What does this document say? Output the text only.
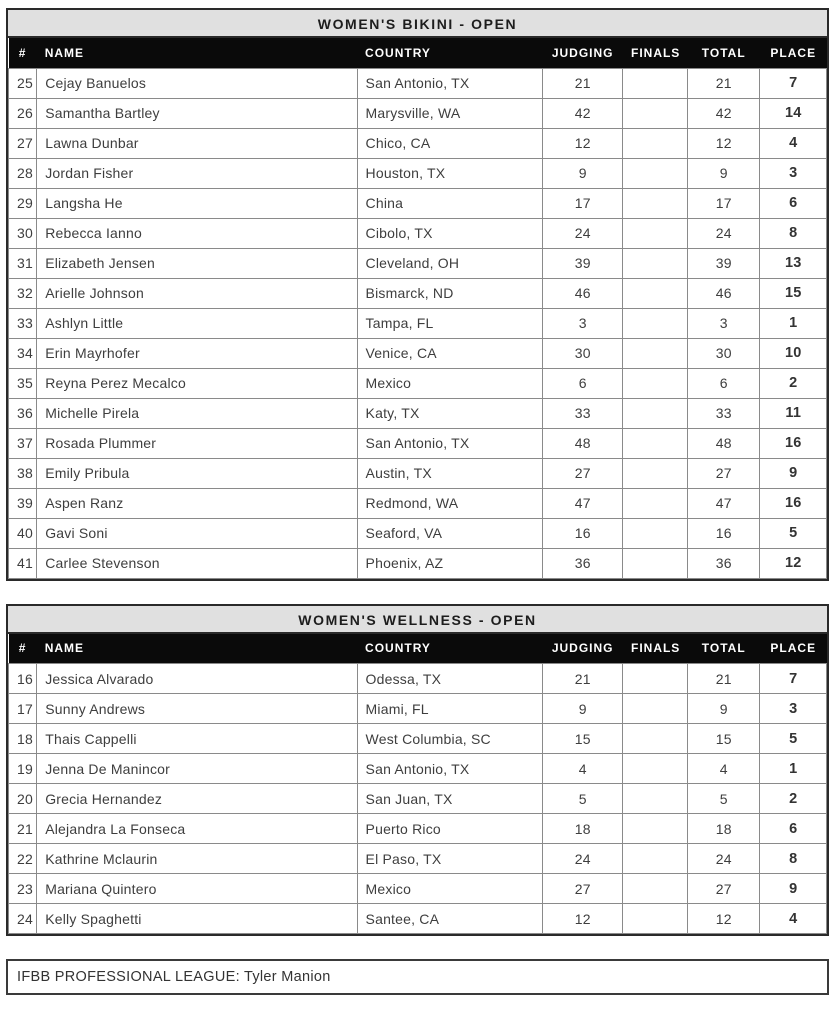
WOMEN'S BIKINI - OPEN
#	NAME	COUNTRY	JUDGING	FINALS	TOTAL	PLACE
25	Cejay Banuelos	San Antonio, TX	21		21	7
26	Samantha Bartley	Marysville, WA	42		42	14
27	Lawna Dunbar	Chico, CA	12		12	4
28	Jordan Fisher	Houston, TX	9		9	3
29	Langsha He	China	17		17	6
30	Rebecca Ianno	Cibolo, TX	24		24	8
31	Elizabeth Jensen	Cleveland, OH	39		39	13
32	Arielle Johnson	Bismarck, ND	46		46	15
33	Ashlyn Little	Tampa, FL	3		3	1
34	Erin Mayrhofer	Venice, CA	30		30	10
35	Reyna Perez Mecalco	Mexico	6		6	2
36	Michelle Pirela	Katy, TX	33		33	11
37	Rosada Plummer	San Antonio, TX	48		48	16
38	Emily Pribula	Austin, TX	27		27	9
39	Aspen Ranz	Redmond, WA	47		47	16
40	Gavi Soni	Seaford, VA	16		16	5
41	Carlee Stevenson	Phoenix, AZ	36		36	12
WOMEN'S WELLNESS - OPEN
#	NAME	COUNTRY	JUDGING	FINALS	TOTAL	PLACE
16	Jessica Alvarado	Odessa, TX	21		21	7
17	Sunny Andrews	Miami, FL	9		9	3
18	Thais Cappelli	West Columbia, SC	15		15	5
19	Jenna De Manincor	San Antonio, TX	4		4	1
20	Grecia Hernandez	San Juan, TX	5		5	2
21	Alejandra La Fonseca	Puerto Rico	18		18	6
22	Kathrine Mclaurin	El Paso, TX	24		24	8
23	Mariana Quintero	Mexico	27		27	9
24	Kelly Spaghetti	Santee, CA	12		12	4
IFBB PROFESSIONAL LEAGUE: Tyler Manion
